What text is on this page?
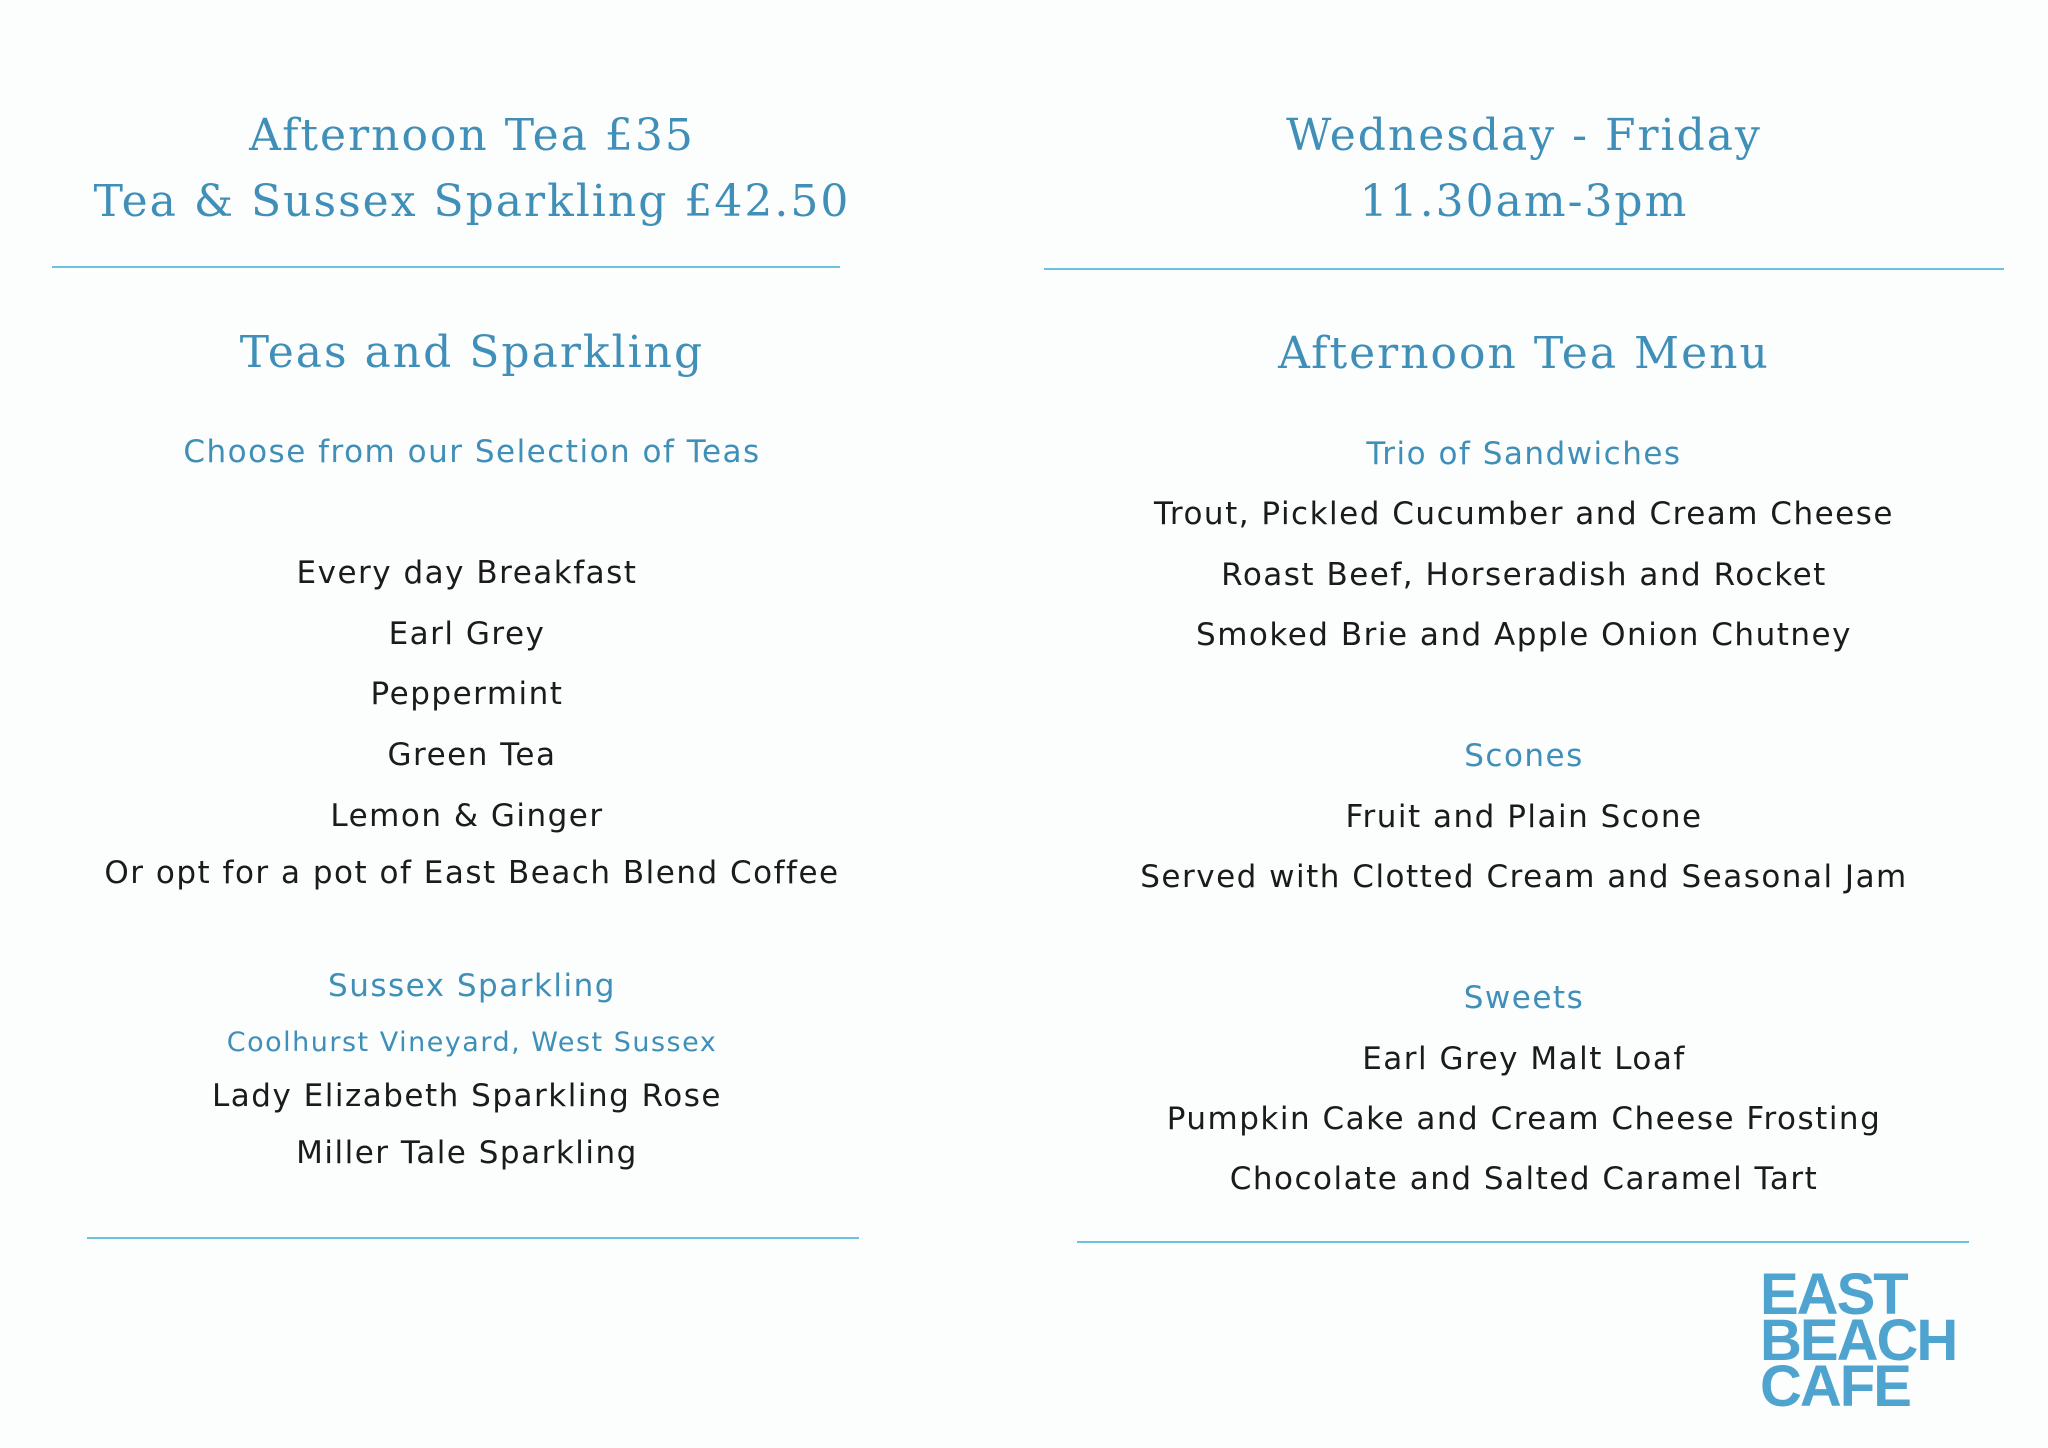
Afternoon Tea £35
Tea & Sussex Sparkling £42.50
Teas and Sparkling
Choose from our Selection of Teas
Every day Breakfast
Earl Grey
Peppermint
Green Tea
Lemon & Ginger
Or opt for a pot of East Beach Blend Coffee
Sussex Sparkling
Coolhurst Vineyard, West Sussex
Lady Elizabeth Sparkling Rose
Miller Tale Sparkling
Wednesday - Friday
11.30am-3pm
Afternoon Tea Menu
Trio of Sandwiches
Trout, Pickled Cucumber and Cream Cheese
Roast Beef, Horseradish and Rocket
Smoked Brie and Apple Onion Chutney
Scones
Fruit and Plain Scone
Served with Clotted Cream and Seasonal Jam
Sweets
Earl Grey Malt Loaf
Pumpkin Cake and Cream Cheese Frosting
Chocolate and Salted Caramel Tart
EAST
BEACH
CAFE
